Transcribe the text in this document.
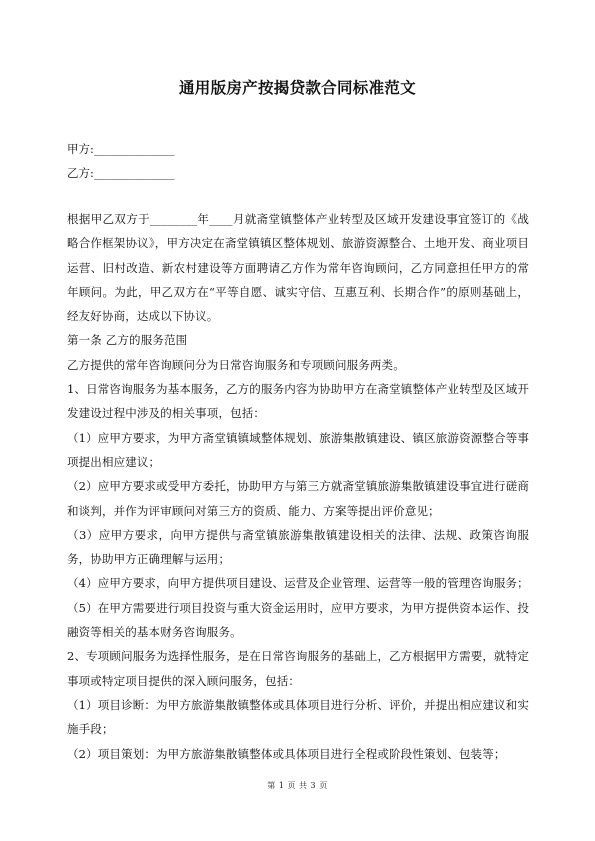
通用版房产按揭贷款合同标准范文
甲方:______________
乙方:______________

根据甲乙双方于________年____月就斋堂镇整体产业转型及区域开发建设事宜签订的《战略合作框架协议》，甲方决定在斋堂镇镇区整体规划、旅游资源整合、土地开发、商业项目运营、旧村改造、新农村建设等方面聘请乙方作为常年咨询顾问，乙方同意担任甲方的常年顾问。为此，甲乙双方在“平等自愿、诚实守信、互惠互利、长期合作”的原则基础上，经友好协商，达成以下协议。

第一条 乙方的服务范围

乙方提供的常年咨询顾问分为日常咨询服务和专项顾问服务两类。

1、日常咨询服务为基本服务，乙方的服务内容为协助甲方在斋堂镇整体产业转型及区域开发建设过程中涉及的相关事项，包括：

（1）应甲方要求，为甲方斋堂镇镇域整体规划、旅游集散镇建设、镇区旅游资源整合等事项提出相应建议；

（2）应甲方要求或受甲方委托，协助甲方与第三方就斋堂镇旅游集散镇建设事宜进行磋商和谈判，并作为评审顾问对第三方的资质、能力、方案等提出评价意见；

（3）应甲方要求，向甲方提供与斋堂镇旅游集散镇建设相关的法律、法规、政策咨询服务，协助甲方正确理解与运用；

（4）应甲方要求，向甲方提供项目建设、运营及企业管理、运营等一般的管理咨询服务；

（5）在甲方需要进行项目投资与重大资金运用时，应甲方要求，为甲方提供资本运作、投融资等相关的基本财务咨询服务。

2、专项顾问服务为选择性服务，是在日常咨询服务的基础上，乙方根据甲方需要，就特定事项或特定项目提供的深入顾问服务，包括：

（1）项目诊断：为甲方旅游集散镇整体或具体项目进行分析、评价，并提出相应建议和实施手段；

（2）项目策划：为甲方旅游集散镇整体或具体项目进行全程或阶段性策划、包装等；

第 1 页 共 3 页
